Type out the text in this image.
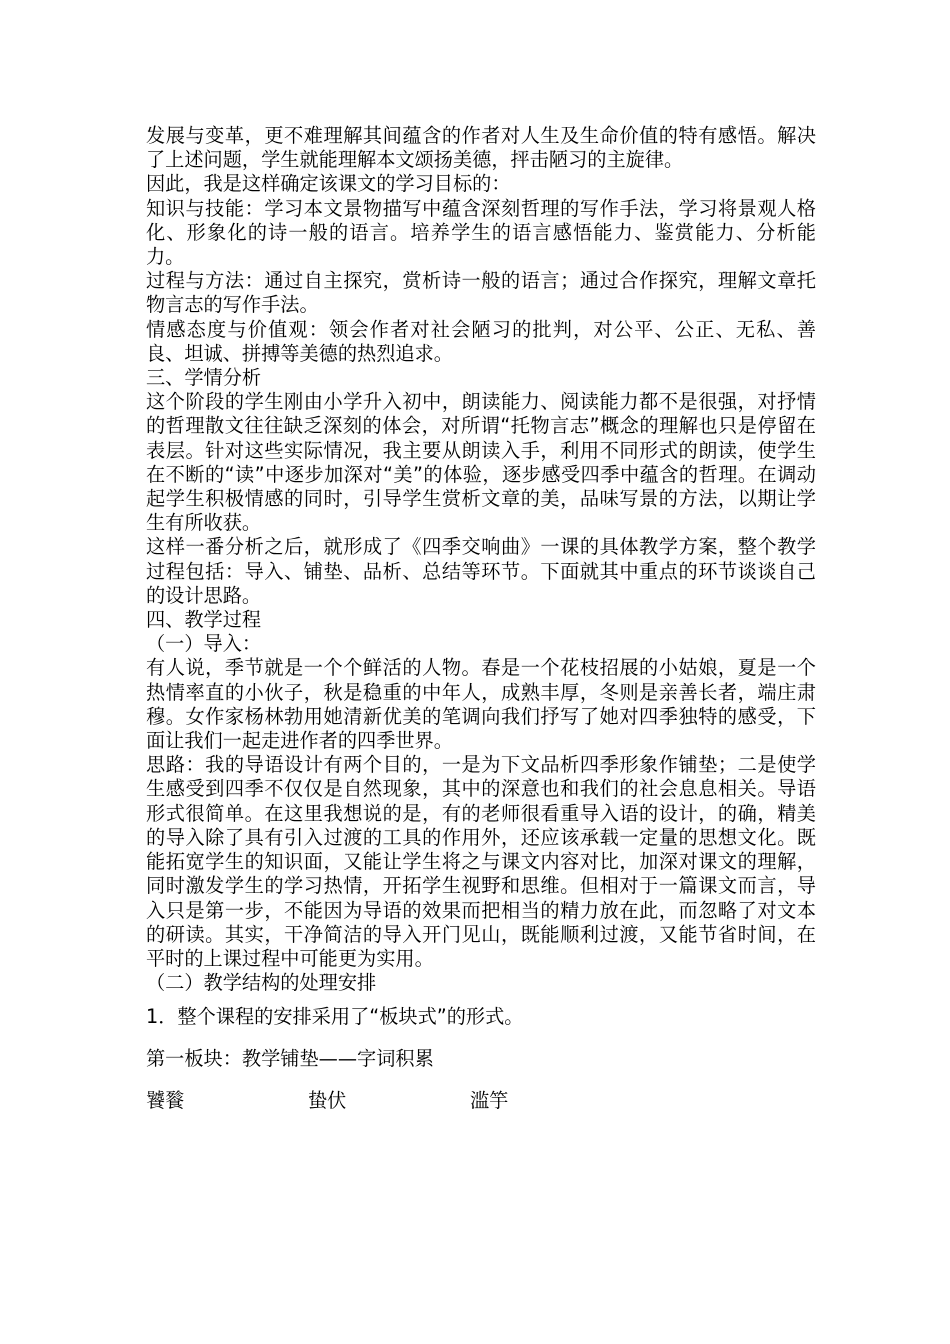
发展与变革，更不难理解其间蕴含的作者对人生及生命价值的特有感悟。解决了上述问题，学生就能理解本文颂扬美德，抨击陋习的主旋律。

因此，我是这样确定该课文的学习目标的：

知识与技能：学习本文景物描写中蕴含深刻哲理的写作手法，学习将景观人格化、形象化的诗一般的语言。培养学生的语言感悟能力、鉴赏能力、分析能力。

过程与方法：通过自主探究，赏析诗一般的语言；通过合作探究，理解文章托物言志的写作手法。

情感态度与价值观：领会作者对社会陋习的批判，对公平、公正、无私、善良、坦诚、拼搏等美德的热烈追求。

三、学情分析

这个阶段的学生刚由小学升入初中，朗读能力、阅读能力都不是很强，对抒情的哲理散文往往缺乏深刻的体会，对所谓“托物言志”概念的理解也只是停留在表层。针对这些实际情况，我主要从朗读入手，利用不同形式的朗读，使学生在不断的“读”中逐步加深对“美”的体验，逐步感受四季中蕴含的哲理。在调动起学生积极情感的同时，引导学生赏析文章的美，品味写景的方法，以期让学生有所收获。

这样一番分析之后，就形成了《四季交响曲》一课的具体教学方案，整个教学过程包括：导入、铺垫、品析、总结等环节。下面就其中重点的环节谈谈自己的设计思路。

四、教学过程

（一）导入：

有人说，季节就是一个个鲜活的人物。春是一个花枝招展的小姑娘，夏是一个热情率直的小伙子，秋是稳重的中年人，成熟丰厚，冬则是亲善长者，端庄肃穆。女作家杨林勃用她清新优美的笔调向我们抒写了她对四季独特的感受，下面让我们一起走进作者的四季世界。

思路：我的导语设计有两个目的，一是为下文品析四季形象作铺垫；二是使学生感受到四季不仅仅是自然现象，其中的深意也和我们的社会息息相关。导语形式很简单。在这里我想说的是，有的老师很看重导入语的设计，的确，精美的导入除了具有引入过渡的工具的作用外，还应该承载一定量的思想文化。既能拓宽学生的知识面，又能让学生将之与课文内容对比，加深对课文的理解，同时激发学生的学习热情，开拓学生视野和思维。但相对于一篇课文而言，导入只是第一步，不能因为导语的效果而把相当的精力放在此，而忽略了对文本的研读。其实，干净简洁的导入开门见山，既能顺利过渡，又能节省时间，在平时的上课过程中可能更为实用。

（二）教学结构的处理安排

1．整个课程的安排采用了“板块式”的形式。

第一板块：教学铺垫——字词积累

饕餮	蛰伏	滥竽
